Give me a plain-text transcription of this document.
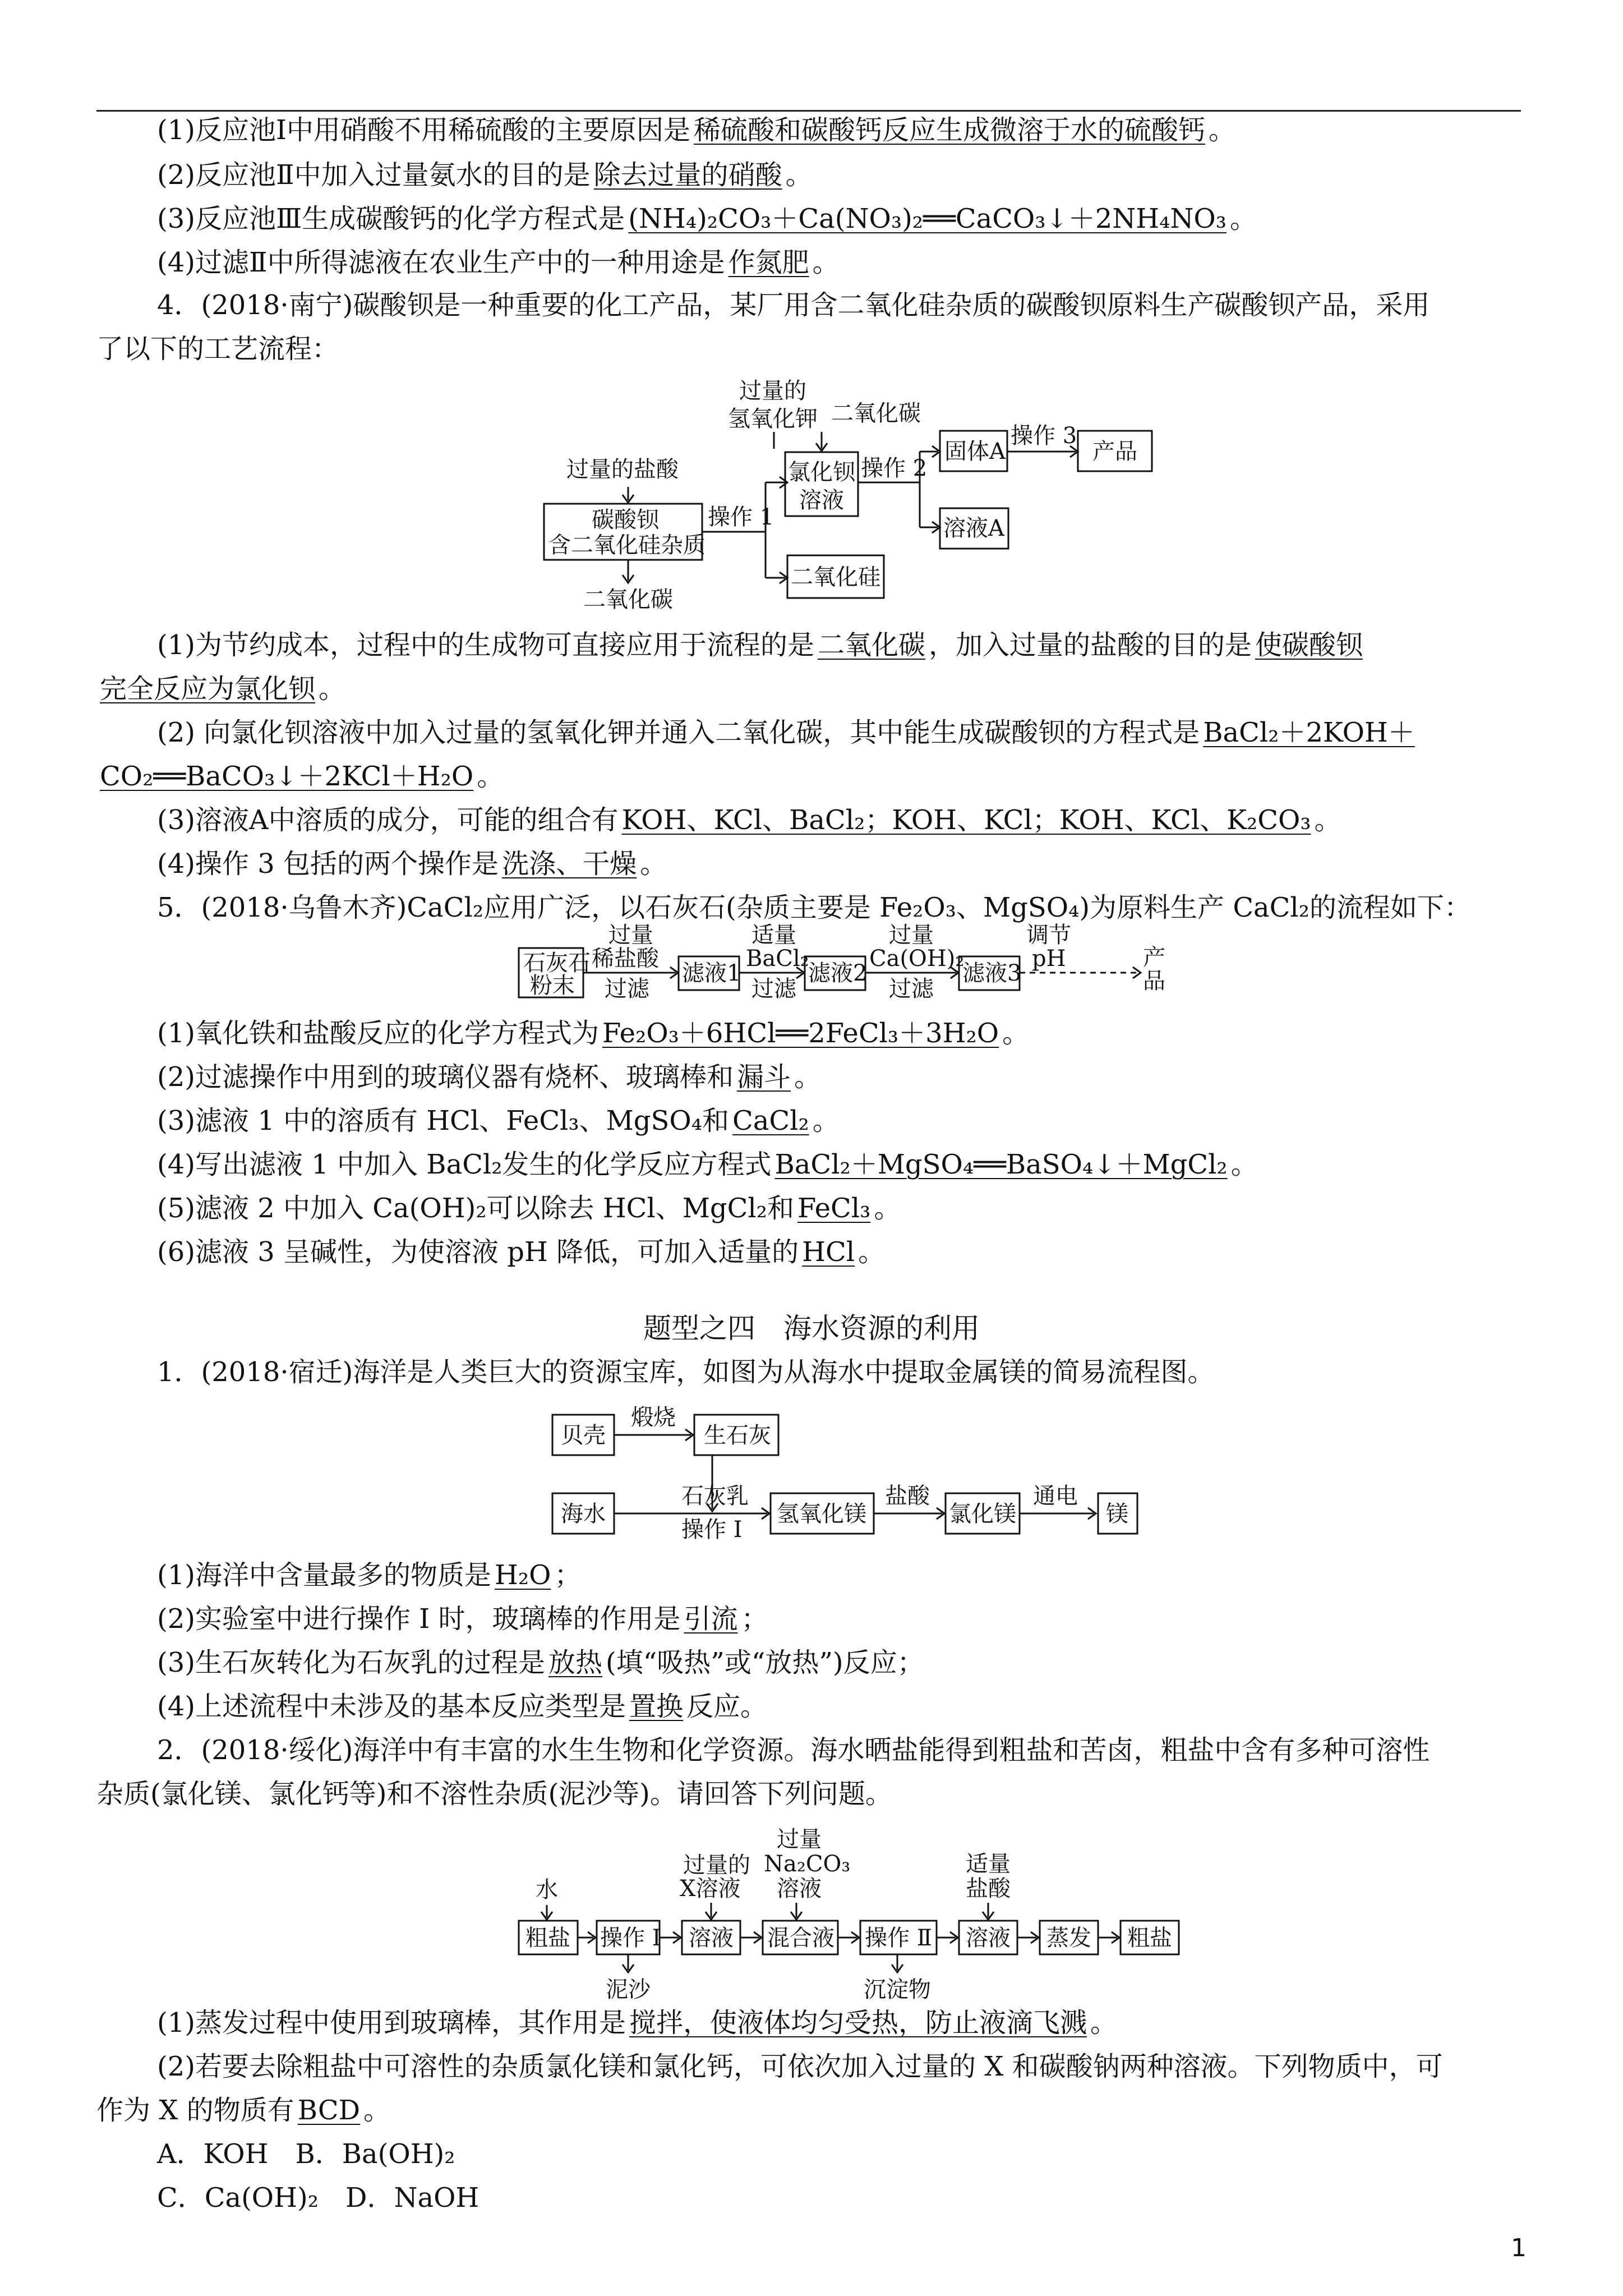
(1)反应池Ⅰ中用硝酸不用稀硫酸的主要原因是 稀硫酸和碳酸钙反应生成微溶于水的硫酸钙 。
(2)反应池Ⅱ中加入过量氨水的目的是 除去过量的硝酸 。
(3)反应池Ⅲ生成碳酸钙的化学方程式是 (NH₄)₂CO₃＋Ca(NO₃)₂══CaCO₃↓＋2NH₄NO₃ 。
(4)过滤Ⅱ中所得滤液在农业生产中的一种用途是 作氮肥 。
4．(2018·南宁)碳酸钡是一种重要的化工产品，某厂用含二氧化硅杂质的碳酸钡原料生产碳酸钡产品，采用
了以下的工艺流程：
过量的盐酸
碳酸钡
含二氧化硅杂质
二氧化碳
操作 1
过量的
氢氧化钾 二氧化碳
氯化钡
溶液
操作 2
固体A
操作 3
产品
溶液A
二氧化硅
石灰石
粉末
过量
稀盐酸
过滤
滤液1
适量
BaCl₂
过滤
滤液2
过量
Ca(OH)₂
过滤
滤液3
调节
pH	产
品
贝壳
煅烧
生石灰
海水
石灰乳
操作 I
氢氧化镁
盐酸
氯化镁
通电
镁
水
粗盐 操作 Ⅰ
泥沙
过量的
X溶液
溶液
过量
Na₂CO₃
溶液
混合液 操作 Ⅱ
沉淀物
适量
盐酸
溶液 蒸发 粗盐
(1)为节约成本，过程中的生成物可直接应用于流程的是 二氧化碳 ，加入过量的盐酸的目的是 使碳酸钡
完全反应为氯化钡 。
(2) 向氯化钡溶液中加入过量的氢氧化钾并通入二氧化碳，其中能生成碳酸钡的方程式是 BaCl₂＋2KOH＋
CO₂══BaCO₃↓＋2KCl＋H₂O 。
(3)溶液A中溶质的成分，可能的组合有 KOH、KCl、BaCl₂；KOH、KCl；KOH、KCl、K₂CO₃ 。
(4)操作 3 包括的两个操作是 洗涤、干燥 。
5．(2018·乌鲁木齐)CaCl₂应用广泛，以石灰石(杂质主要是 Fe₂O₃、MgSO₄)为原料生产 CaCl₂的流程如下：
(1)氧化铁和盐酸反应的化学方程式为 Fe₂O₃＋6HCl══2FeCl₃＋3H₂O 。
(2)过滤操作中用到的玻璃仪器有烧杯、玻璃棒和 漏斗 。
(3)滤液 1 中的溶质有 HCl、FeCl₃、MgSO₄和 CaCl₂ 。
(4)写出滤液 1 中加入 BaCl₂发生的化学反应方程式 BaCl₂＋MgSO₄══BaSO₄↓＋MgCl₂ 。
(5)滤液 2 中加入 Ca(OH)₂可以除去 HCl、MgCl₂和 FeCl₃ 。
(6)滤液 3 呈碱性，为使溶液 pH 降低，可加入适量的 HCl 。
题型之四　海水资源的利用
1．(2018·宿迁)海洋是人类巨大的资源宝库，如图为从海水中提取金属镁的简易流程图。
(1)海洋中含量最多的物质是 H₂O ；
(2)实验室中进行操作 I 时，玻璃棒的作用是 引流 ；
(3)生石灰转化为石灰乳的过程是 放热 (填“吸热”或“放热”)反应；
(4)上述流程中未涉及的基本反应类型是 置换 反应。
2．(2018·绥化)海洋中有丰富的水生生物和化学资源。海水晒盐能得到粗盐和苦卤，粗盐中含有多种可溶性
杂质(氯化镁、氯化钙等)和不溶性杂质(泥沙等)。请回答下列问题。
(1)蒸发过程中使用到玻璃棒，其作用是 搅拌，使液体均匀受热，防止液滴飞溅 。
(2)若要去除粗盐中可溶性的杂质氯化镁和氯化钙，可依次加入过量的 X 和碳酸钠两种溶液。下列物质中，可
作为 X 的物质有 BCD 。
A．KOH　B．Ba(OH)₂
C．Ca(OH)₂　D．NaOH
1
